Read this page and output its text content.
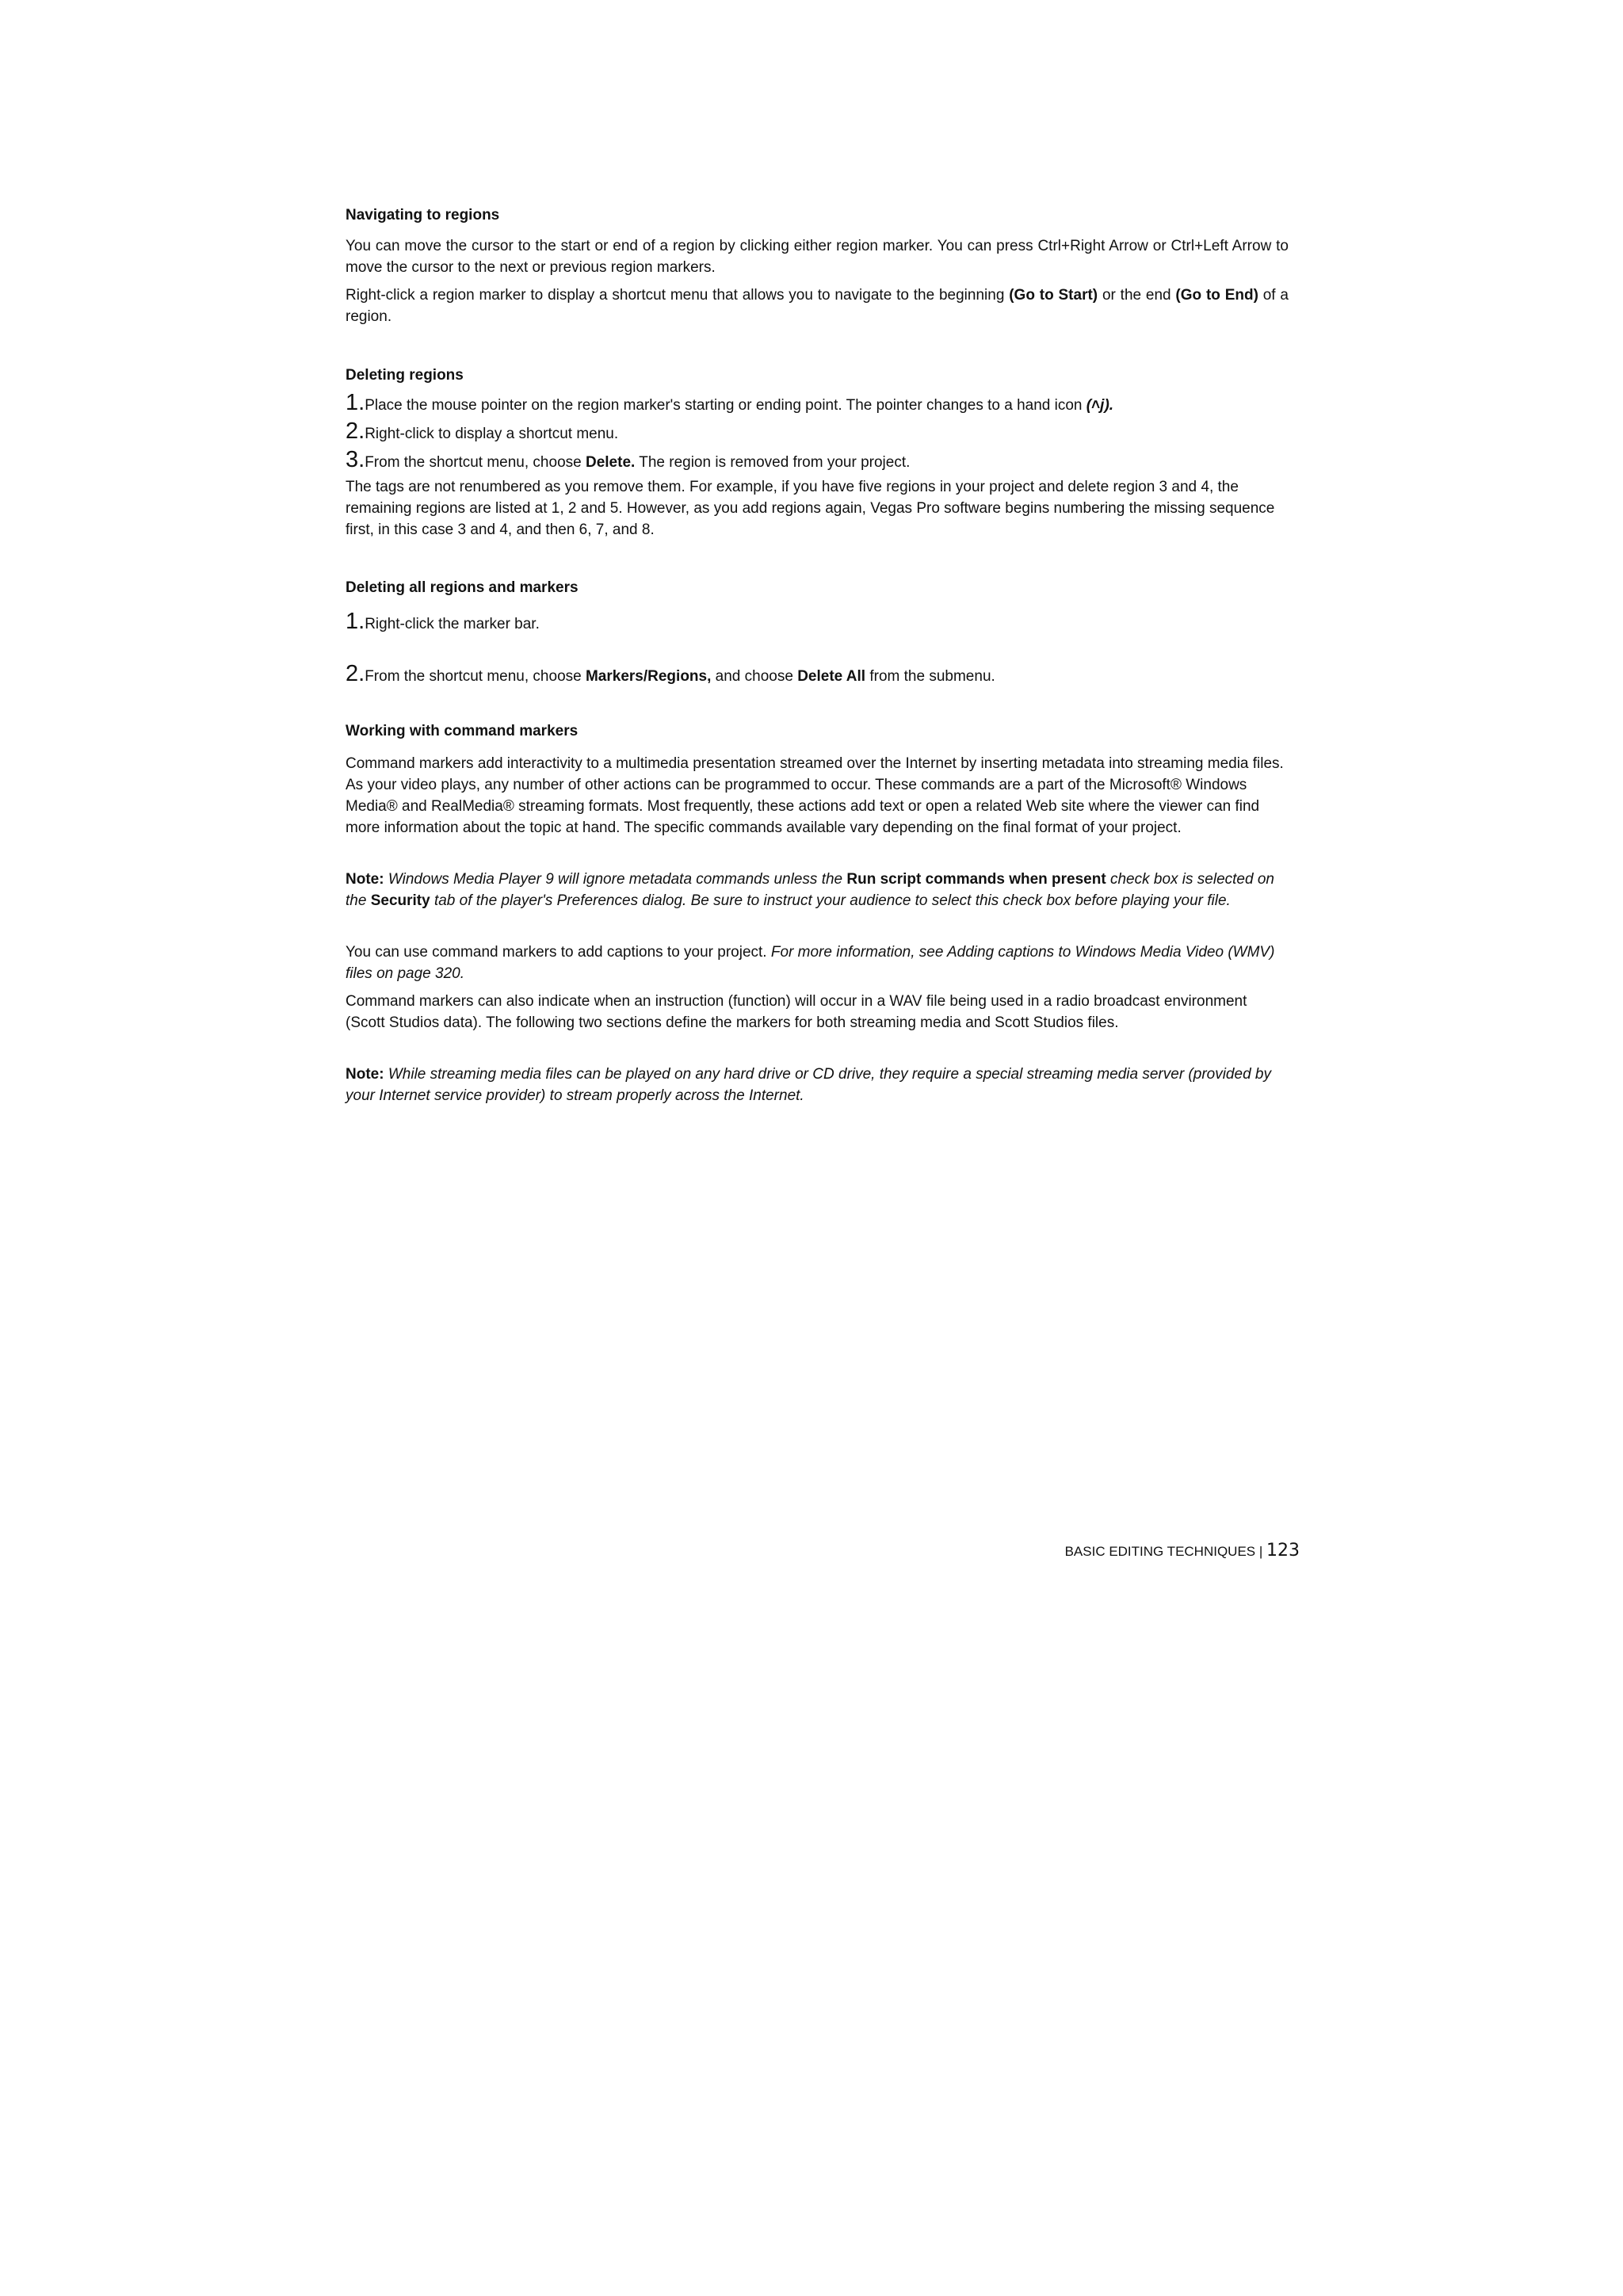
Navigating to regions

You can move the cursor to the start or end of a region by clicking either region marker. You can press Ctrl+Right Arrow or Ctrl+Left Arrow to move the cursor to the next or previous region markers.

Right-click a region marker to display a shortcut menu that allows you to navigate to the beginning (Go to Start) or the end (Go to End) of a region.

Deleting regions
1. Place the mouse pointer on the region marker's starting or ending point. The pointer changes to a hand icon (˄j).
2. Right-click to display a shortcut menu.
3. From the shortcut menu, choose Delete. The region is removed from your project.

The tags are not renumbered as you remove them. For example, if you have five regions in your project and delete region 3 and 4, the remaining regions are listed at 1, 2 and 5. However, as you add regions again, Vegas Pro software begins numbering the missing sequence first, in this case 3 and 4, and then 6, 7, and 8.

Deleting all regions and markers
1. Right-click the marker bar.
2. From the shortcut menu, choose Markers/Regions, and choose Delete All from the submenu.
Working with command markers

Command markers add interactivity to a multimedia presentation streamed over the Internet by inserting metadata into streaming media files. As your video plays, any number of other actions can be programmed to occur. These commands are a part of the Microsoft® Windows Media® and RealMedia® streaming formats. Most frequently, these actions add text or open a related Web site where the viewer can find more information about the topic at hand. The specific commands available vary depending on the final format of your project.

Note: Windows Media Player 9 will ignore metadata commands unless the Run script commands when present check box is selected on the Security tab of the player's Preferences dialog. Be sure to instruct your audience to select this check box before playing your file.

You can use command markers to add captions to your project. For more information, see Adding captions to Windows Media Video (WMV) files on page 320.

Command markers can also indicate when an instruction (function) will occur in a WAV file being used in a radio broadcast environment (Scott Studios data). The following two sections define the markers for both streaming media and Scott Studios files.

Note: While streaming media files can be played on any hard drive or CD drive, they require a special streaming media server (provided by your Internet service provider) to stream properly across the Internet.

BASIC EDITING TECHNIQUES | 123
